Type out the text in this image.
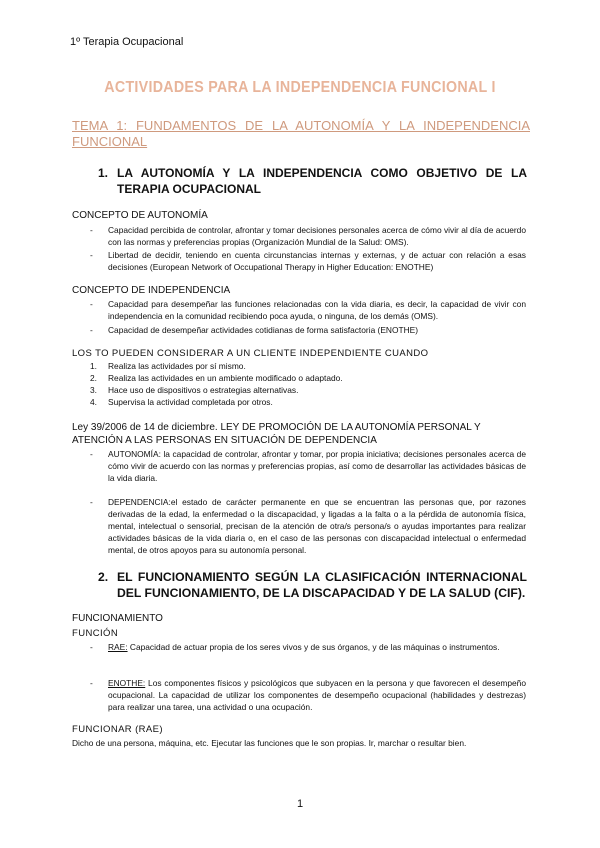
1º Terapia Ocupacional
ACTIVIDADES PARA LA INDEPENDENCIA FUNCIONAL I
TEMA 1: FUNDAMENTOS DE LA AUTONOMÍA Y LA INDEPENDENCIA FUNCIONAL
1. LA AUTONOMÍA Y LA INDEPENDENCIA COMO OBJETIVO DE LA TERAPIA OCUPACIONAL
CONCEPTO DE AUTONOMÍA
- Capacidad percibida de controlar, afrontar y tomar decisiones personales acerca de cómo vivir al día de acuerdo con las normas y preferencias propias (Organización Mundial de la Salud: OMS).
- Libertad de decidir, teniendo en cuenta circunstancias internas y externas, y de actuar con relación a esas decisiones (European Network of Occupational Therapy in Higher Education: ENOTHE)
CONCEPTO DE INDEPENDENCIA
- Capacidad para desempeñar las funciones relacionadas con la vida diaria, es decir, la capacidad de vivir con independencia en la comunidad recibiendo poca ayuda, o ninguna, de los demás (OMS).
- Capacidad de desempeñar actividades cotidianas de forma satisfactoria (ENOTHE)
LOS TO PUEDEN CONSIDERAR A UN CLIENTE INDEPENDIENTE CUANDO
1. Realiza las actividades por sí mismo.
2. Realiza las actividades en un ambiente modificado o adaptado.
3. Hace uso de dispositivos o estrategias alternativas.
4. Supervisa la actividad completada por otros.
Ley 39/2006 de 14 de diciembre. LEY DE PROMOCIÓN DE LA AUTONOMÍA PERSONAL Y ATENCIÓN A LAS PERSONAS EN SITUACIÓN DE DEPENDENCIA
- AUTONOMÍA: la capacidad de controlar, afrontar y tomar, por propia iniciativa; decisiones personales acerca de cómo vivir de acuerdo con las normas y preferencias propias, así como de desarrollar las actividades básicas de la vida diaria.
- DEPENDENCIA:el estado de carácter permanente en que se encuentran las personas que, por razones derivadas de la edad, la enfermedad o la discapacidad, y ligadas a la falta o a la pérdida de autonomía física, mental, intelectual o sensorial, precisan de la atención de otra/s persona/s o ayudas importantes para realizar actividades básicas de la vida diaria o, en el caso de las personas con discapacidad intelectual o enfermedad mental, de otros apoyos para su autonomía personal.
2. EL FUNCIONAMIENTO SEGÚN LA CLASIFICACIÓN INTERNACIONAL DEL FUNCIONAMIENTO, DE LA DISCAPACIDAD Y DE LA SALUD (CIF).
FUNCIONAMIENTO
FUNCIÓN
- RAE: Capacidad de actuar propia de los seres vivos y de sus órganos, y de las máquinas o instrumentos.
- ENOTHE: Los componentes físicos y psicológicos que subyacen en la persona y que favorecen el desempeño ocupacional. La capacidad de utilizar los componentes de desempeño ocupacional (habilidades y destrezas) para realizar una tarea, una actividad o una ocupación.
FUNCIONAR (RAE)
Dicho de una persona, máquina, etc. Ejecutar las funciones que le son propias. Ir, marchar o resultar bien.
1
